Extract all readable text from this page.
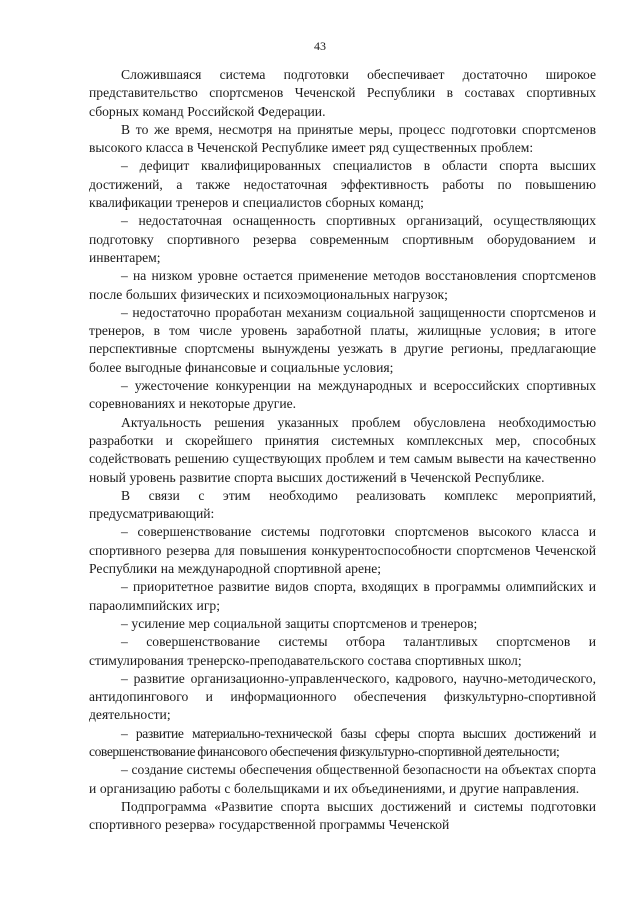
43

Сложившаяся система подготовки обеспечивает достаточно широкое представительство спортсменов Чеченской Республики в составах спортивных сборных команд Российской Федерации.

В то же время, несмотря на принятые меры, процесс подготовки спортсменов высокого класса в Чеченской Республике имеет ряд существенных проблем:

– дефицит квалифицированных специалистов в области спорта высших достижений, а также недостаточная эффективность работы по повышению квалификации тренеров и специалистов сборных команд;

– недостаточная оснащенность спортивных организаций, осуществляющих подготовку спортивного резерва современным спортивным оборудованием и инвентарем;

– на низком уровне остается применение методов восстановления спортсменов после больших физических и психоэмоциональных нагрузок;

– недостаточно проработан механизм социальной защищенности спортсменов и тренеров, в том числе уровень заработной платы, жилищные условия; в итоге перспективные спортсмены вынуждены уезжать в другие регионы, предлагающие более выгодные финансовые и социальные условия;

– ужесточение конкуренции на международных и всероссийских спортивных соревнованиях и некоторые другие.

Актуальность решения указанных проблем обусловлена необходимостью разработки и скорейшего принятия системных комплексных мер, способных содействовать решению существующих проблем и тем самым вывести на качественно новый уровень развитие спорта высших достижений в Чеченской Республике.

В связи с этим необходимо реализовать комплекс мероприятий, предусматривающий:

– совершенствование системы подготовки спортсменов высокого класса и спортивного резерва для повышения конкурентоспособности спортсменов Чеченской Республики на международной спортивной арене;

– приоритетное развитие видов спорта, входящих в программы олимпийских и параолимпийских игр;

– усиление мер социальной защиты спортсменов и тренеров;

– совершенствование системы отбора талантливых спортсменов и стимулирования тренерско-преподавательского состава спортивных школ;

– развитие организационно-управленческого, кадрового, научно-методического, антидопингового и информационного обеспечения физкультурно-спортивной деятельности;

– развитие материально-технической базы сферы спорта высших достижений и совершенствование финансового обеспечения физкультурно-спортивной деятельности;

– создание системы обеспечения общественной безопасности на объектах спорта и организацию работы с болельщиками и их объединениями, и другие направления.

Подпрограмма «Развитие спорта высших достижений и системы подготовки спортивного резерва» государственной программы Чеченской
